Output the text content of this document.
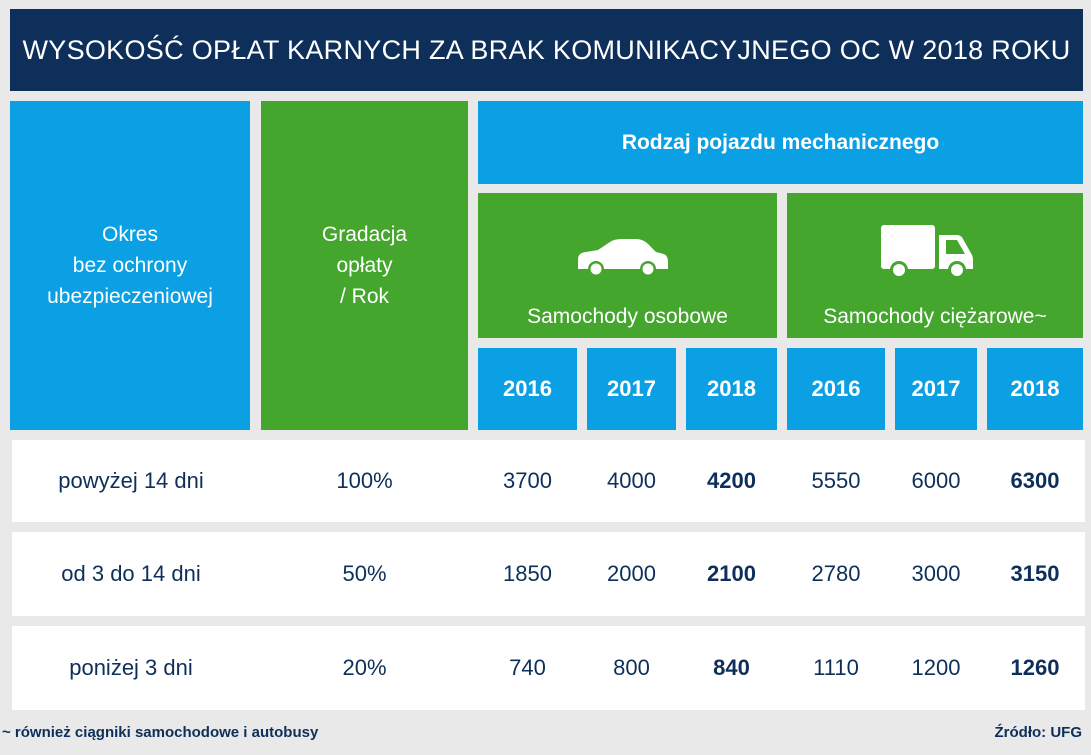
WYSOKOŚĆ OPŁAT KARNYCH ZA BRAK KOMUNIKACYJNEGO OC W 2018 ROKU
Okres
bez ochrony
ubezpieczeniowej
Gradacja
opłaty
/ Rok
Rodzaj pojazdu mechanicznego
Samochody osobowe	Samochody ciężarowe~
2016	2017	2018	2016	2017	2018
powyżej 14 dni	100%	3700	4000	4200	5550	6000	6300
od 3 do 14 dni	50%	1850	2000	2100	2780	3000	3150
poniżej 3 dni	20%	740	800	840	1110	1200	1260
~ również ciągniki samochodowe i autobusy	Źródło: UFG
